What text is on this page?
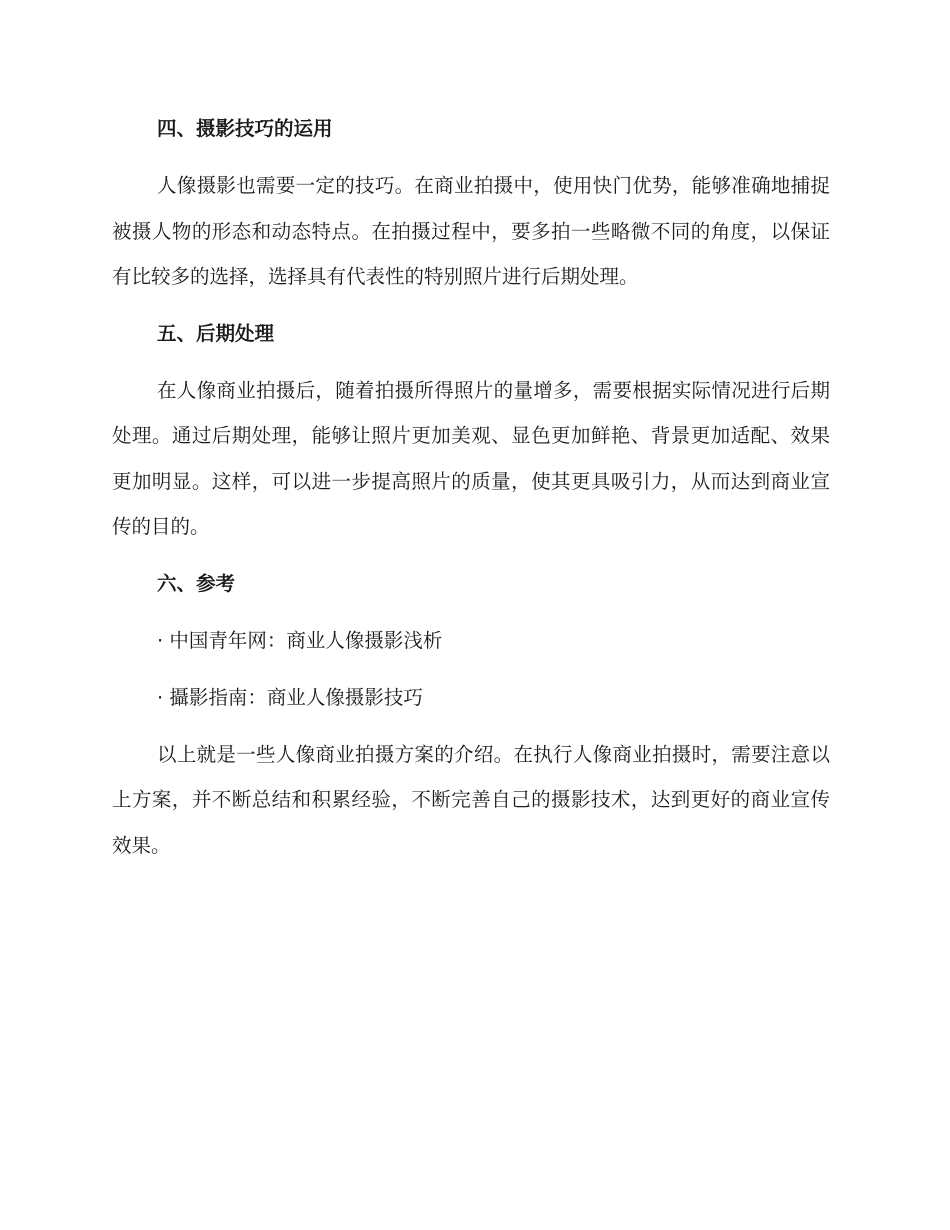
四、摄影技巧的运用
人像摄影也需要一定的技巧。在商业拍摄中，使用快门优势，能够准确地捕捉被摄人物的形态和动态特点。在拍摄过程中，要多拍一些略微不同的角度，以保证有比较多的选择，选择具有代表性的特别照片进行后期处理。
五、后期处理
在人像商业拍摄后，随着拍摄所得照片的量增多，需要根据实际情况进行后期处理。通过后期处理，能够让照片更加美观、显色更加鲜艳、背景更加适配、效果更加明显。这样，可以进一步提高照片的质量，使其更具吸引力，从而达到商业宣传的目的。
六、参考
· 中国青年网：商业人像摄影浅析
· 攝影指南：商业人像摄影技巧
以上就是一些人像商业拍摄方案的介绍。在执行人像商业拍摄时，需要注意以上方案，并不断总结和积累经验，不断完善自己的摄影技术，达到更好的商业宣传效果。
